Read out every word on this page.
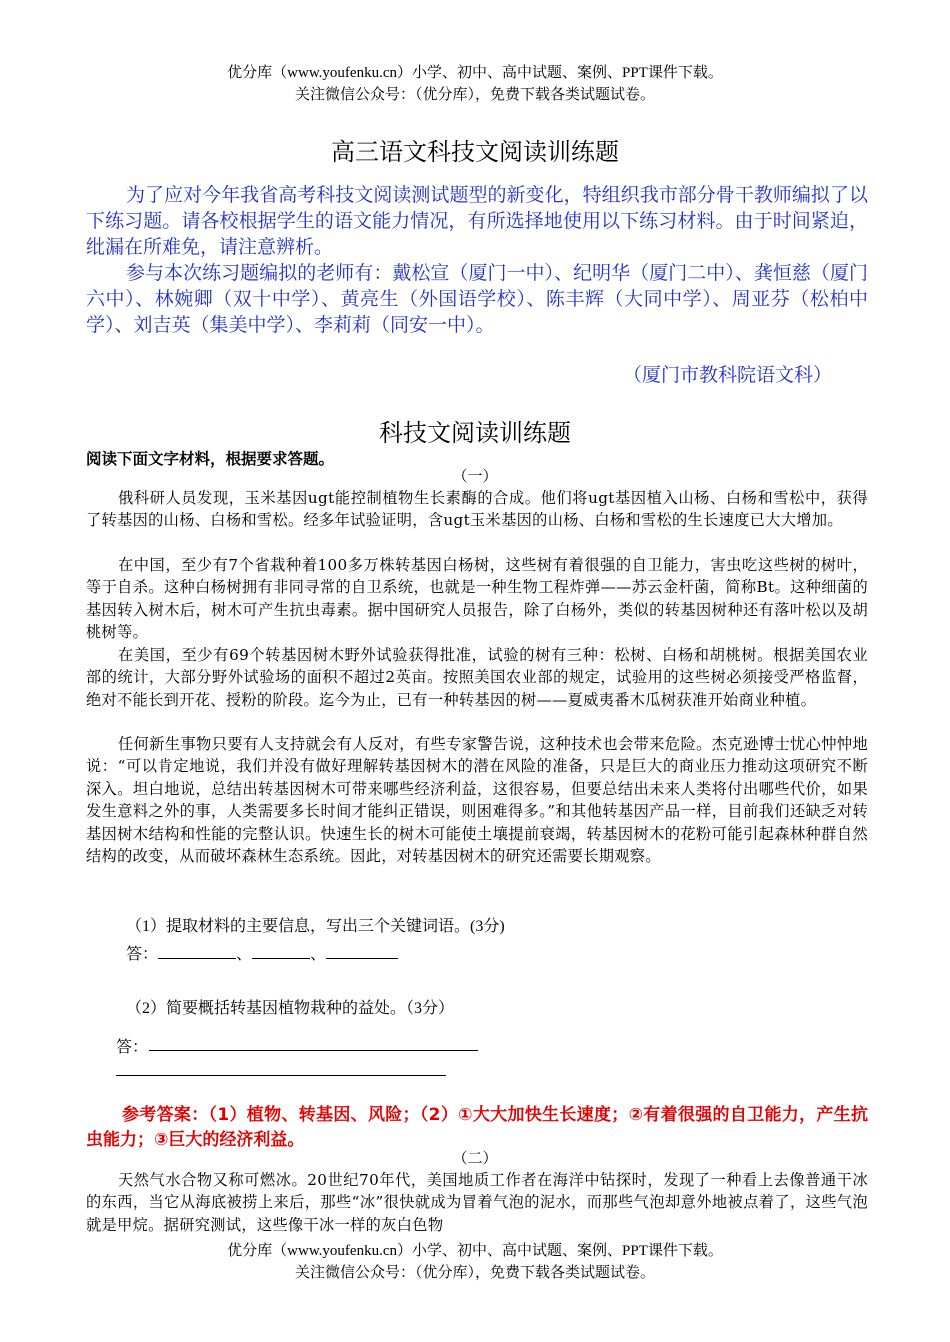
优分库（www.youfenku.cn）小学、初中、高中试题、案例、PPT课件下载。
关注微信公众号：（优分库），免费下载各类试题试卷。
高三语文科技文阅读训练题
为了应对今年我省高考科技文阅读测试题型的新变化，特组织我市部分骨干教师编拟了以下练习题。请各校根据学生的语文能力情况，有所选择地使用以下练习材料。由于时间紧迫，纰漏在所难免，请注意辨析。
参与本次练习题编拟的老师有：戴松宣（厦门一中）、纪明华（厦门二中）、龚恒慈（厦门六中）、林婉卿（双十中学）、黄亮生（外国语学校）、陈丰辉（大同中学）、周亚芬（松柏中学）、刘吉英（集美中学）、李莉莉（同安一中）。
（厦门市教科院语文科）
科技文阅读训练题
阅读下面文字材料，根据要求答题。
（一）
俄科研人员发现，玉米基因ugt能控制植物生长素酶的合成。他们将ugt基因植入山杨、白杨和雪松中，获得了转基因的山杨、白杨和雪松。经多年试验证明，含ugt玉米基因的山杨、白杨和雪松的生长速度已大大增加。
在中国，至少有7个省栽种着100多万株转基因白杨树，这些树有着很强的自卫能力，害虫吃这些树的树叶，等于自杀。这种白杨树拥有非同寻常的自卫系统，也就是一种生物工程炸弹——苏云金杆菌，简称Bt。这种细菌的基因转入树木后，树木可产生抗虫毒素。据中国研究人员报告，除了白杨外，类似的转基因树种还有落叶松以及胡桃树等。
在美国，至少有69个转基因树木野外试验获得批准，试验的树有三种：松树、白杨和胡桃树。根据美国农业部的统计，大部分野外试验场的面积不超过2英亩。按照美国农业部的规定，试验用的这些树必须接受严格监督，绝对不能长到开花、授粉的阶段。迄今为止，已有一种转基因的树——夏威夷番木瓜树获准开始商业种植。
任何新生事物只要有人支持就会有人反对，有些专家警告说，这种技术也会带来危险。杰克逊博士忧心忡忡地说：“可以肯定地说，我们并没有做好理解转基因树木的潜在风险的准备，只是巨大的商业压力推动这项研究不断深入。坦白地说，总结出转基因树木可带来哪些经济利益，这很容易，但要总结出未来人类将付出哪些代价，如果发生意料之外的事，人类需要多长时间才能纠正错误，则困难得多。”和其他转基因产品一样，目前我们还缺乏对转基因树木结构和性能的完整认识。快速生长的树木可能使土壤提前衰竭，转基因树木的花粉可能引起森林种群自然结构的改变，从而破坏森林生态系统。因此，对转基因树木的研究还需要长期观察。
（1）提取材料的主要信息，写出三个关键词语。(3分)
答：	、	、
（2）简要概括转基因植物栽种的益处。（3分）
答：
参考答案：（1）植物、转基因、风险；（2）①大大加快生长速度；②有着很强的自卫能力，产生抗虫能力；③巨大的经济利益。
（二）
天然气水合物又称可燃冰。20世纪70年代，美国地质工作者在海洋中钻探时，发现了一种看上去像普通干冰的东西，当它从海底被捞上来后，那些“冰”很快就成为冒着气泡的泥水，而那些气泡却意外地被点着了，这些气泡就是甲烷。据研究测试，这些像干冰一样的灰白色物
优分库（www.youfenku.cn）小学、初中、高中试题、案例、PPT课件下载。
关注微信公众号：（优分库），免费下载各类试题试卷。
